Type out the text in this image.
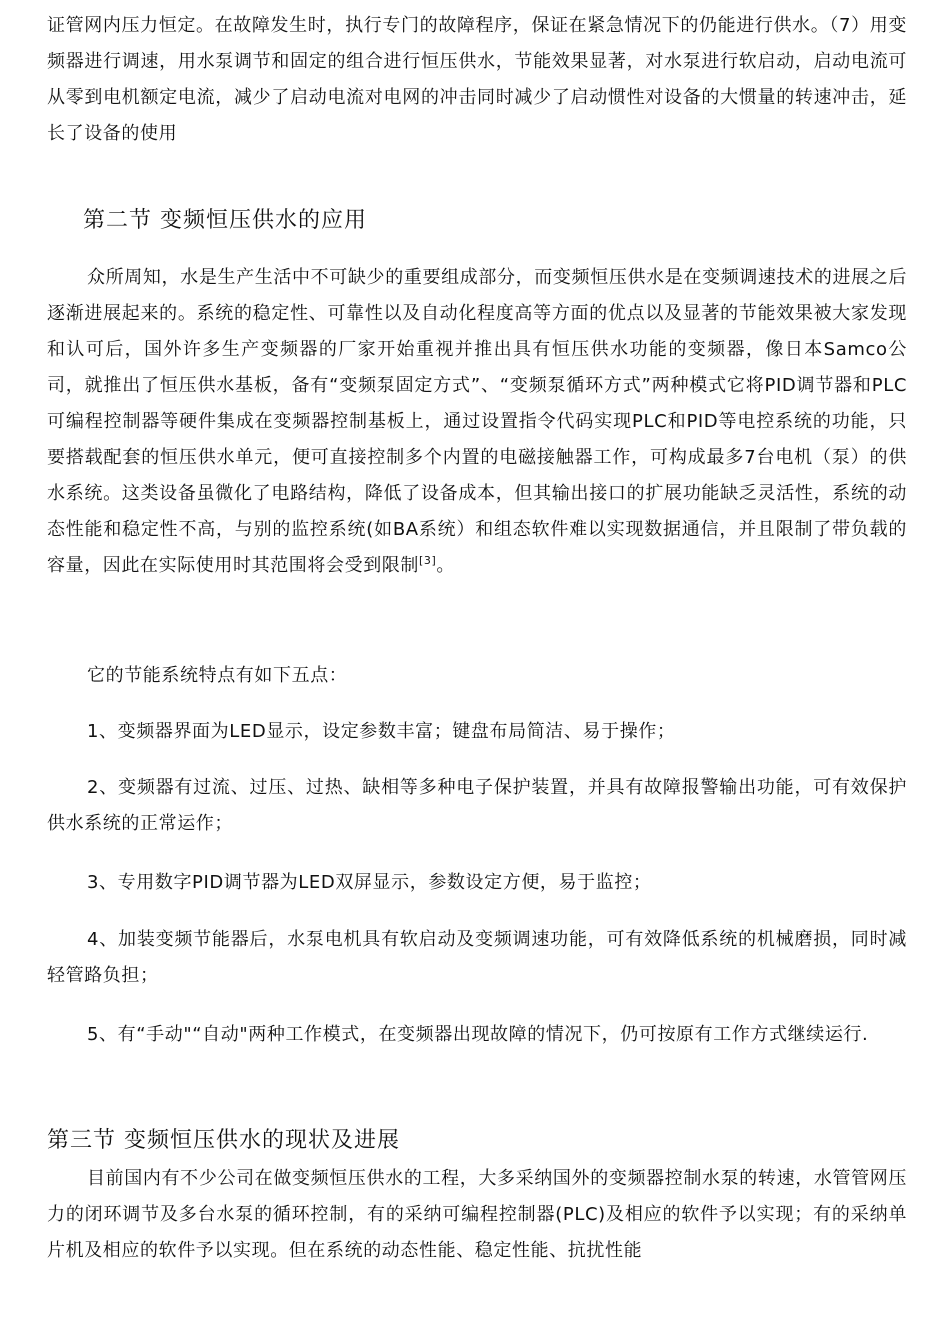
证管网内压力恒定。在故障发生时，执行专门的故障程序，保证在紧急情况下的仍能进行供水。（7）用变频器进行调速，用水泵调节和固定的组合进行恒压供水，节能效果显著，对水泵进行软启动，启动电流可从零到电机额定电流，减少了启动电流对电网的冲击同时减少了启动惯性对设备的大惯量的转速冲击，延长了设备的使用

第二节 变频恒压供水的应用

众所周知，水是生产生活中不可缺少的重要组成部分，而变频恒压供水是在变频调速技术的进展之后逐渐进展起来的。系统的稳定性、可靠性以及自动化程度高等方面的优点以及显著的节能效果被大家发现和认可后，国外许多生产变频器的厂家开始重视并推出具有恒压供水功能的变频器，像日本Samco公司，就推出了恒压供水基板，备有“变频泵固定方式”、“变频泵循环方式”两种模式它将PID调节器和PLC可编程控制器等硬件集成在变频器控制基板上，通过设置指令代码实现PLC和PID等电控系统的功能，只要搭载配套的恒压供水单元，便可直接控制多个内置的电磁接触器工作，可构成最多7台电机（泵）的供水系统。这类设备虽微化了电路结构，降低了设备成本，但其输出接口的扩展功能缺乏灵活性，系统的动态性能和稳定性不高，与别的监控系统(如BA系统）和组态软件难以实现数据通信，并且限制了带负载的容量，因此在实际使用时其范围将会受到限制[3]。

它的节能系统特点有如下五点：

1、变频器界面为LED显示，设定参数丰富；键盘布局简洁、易于操作；

2、变频器有过流、过压、过热、缺相等多种电子保护装置，并具有故障报警输出功能，可有效保护供水系统的正常运作；

3、专用数字PID调节器为LED双屏显示，参数设定方便，易于监控；

4、加装变频节能器后，水泵电机具有软启动及变频调速功能，可有效降低系统的机械磨损，同时减轻管路负担；

5、有“手动"“自动"两种工作模式，在变频器出现故障的情况下，仍可按原有工作方式继续运行.

第三节 变频恒压供水的现状及进展

目前国内有不少公司在做变频恒压供水的工程，大多采纳国外的变频器控制水泵的转速，水管管网压力的闭环调节及多台水泵的循环控制，有的采纳可编程控制器(PLC)及相应的软件予以实现；有的采纳单片机及相应的软件予以实现。但在系统的动态性能、稳定性能、抗扰性能
